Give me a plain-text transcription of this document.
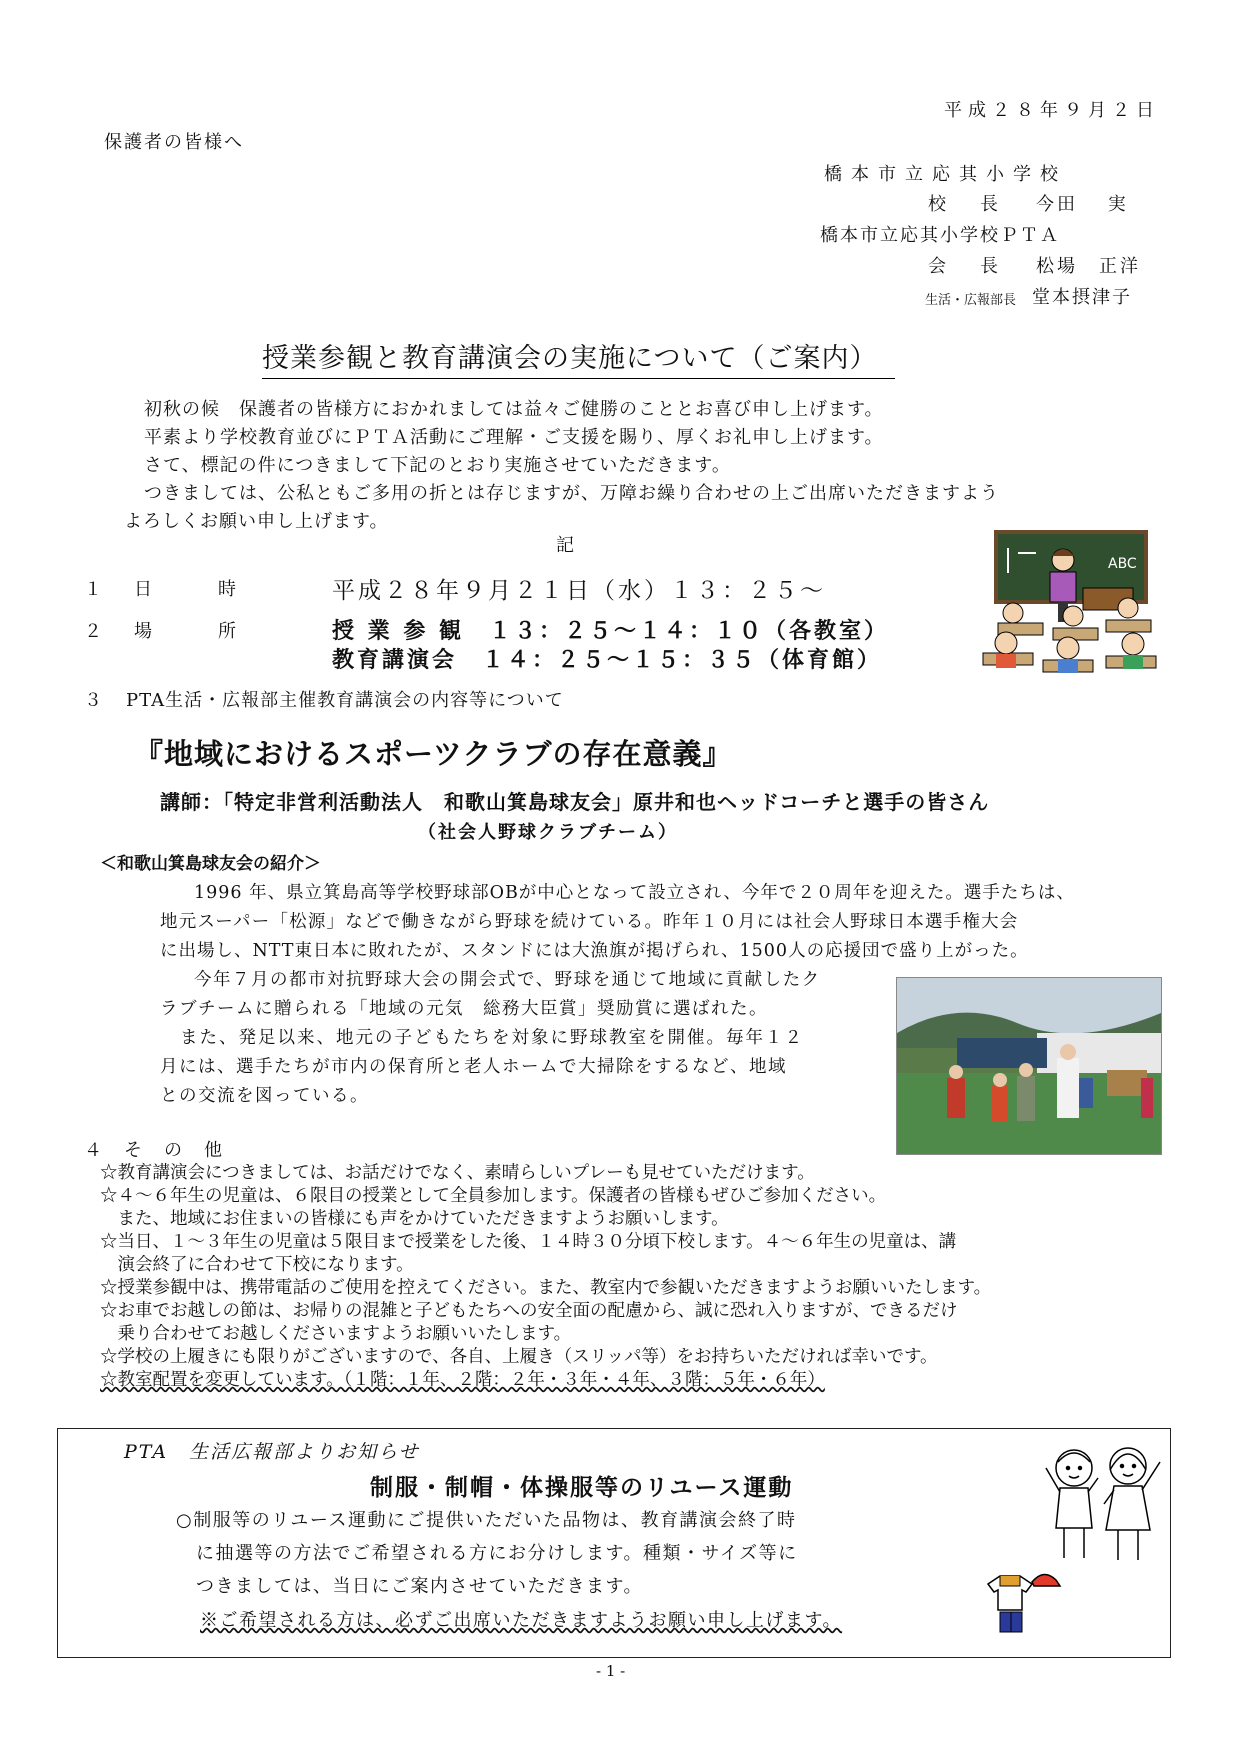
平成２８年９月２日
保護者の皆様へ
橋本市立応其小学校
校　長 今田　 実
橋本市立応其小学校ＰＴＡ
会　長 松場　正洋
生活・広報部長 堂本摂津子
授業参観と教育講演会の実施について（ご案内）
初秋の候　保護者の皆様方におかれましては益々ご健勝のこととお喜び申し上げます。
平素より学校教育並びにＰＴＡ活動にご理解・ご支援を賜り、厚くお礼申し上げます。
さて、標記の件につきまして下記のとおり実施させていただきます。
つきましては、公私ともご多用の折とは存じますが、万障お繰り合わせの上ご出席いただきますよう
よろしくお願い申し上げます。
記
１ 日　　時	平成２８年９月２１日（水）１３：２５～
２ 場　　所	授 業 参 観　１３：２５～１４：１０（各教室）
教育講演会　１４：２５～１５：３５（体育館）
ABC
３ PTA生活・広報部主催教育講演会の内容等について
『地域におけるスポーツクラブの存在意義』
講師：「特定非営利活動法人　和歌山箕島球友会」原井和也ヘッドコーチと選手の皆さん
（社会人野球クラブチーム）
＜和歌山箕島球友会の紹介＞
1996 年、県立箕島高等学校野球部OBが中心となって設立され、今年で２０周年を迎えた。選手たちは、
地元スーパー「松源」などで働きながら野球を続けている。昨年１０月には社会人野球日本選手権大会
に出場し、NTT東日本に敗れたが、スタンドには大漁旗が掲げられ、1500人の応援団で盛り上がった。
今年７月の都市対抗野球大会の開会式で、野球を通じて地域に貢献したク
ラブチームに贈られる「地域の元気　総務大臣賞」奨励賞に選ばれた。
また、発足以来、地元の子どもたちを対象に野球教室を開催。毎年１２
月には、選手たちが市内の保育所と老人ホームで大掃除をするなど、地域
との交流を図っている。
４　そ　の　他
☆教育講演会につきましては、お話だけでなく、素晴らしいプレーも見せていただけます。
☆４～６年生の児童は、６限目の授業として全員参加します。保護者の皆様もぜひご参加ください。
　また、地域にお住まいの皆様にも声をかけていただきますようお願いします。
☆当日、１～３年生の児童は５限目まで授業をした後、１４時３０分頃下校します。４～６年生の児童は、講
　演会終了に合わせて下校になります。
☆授業参観中は、携帯電話のご使用を控えてください。また、教室内で参観いただきますようお願いいたします。
☆お車でお越しの節は、お帰りの混雑と子どもたちへの安全面の配慮から、誠に恐れ入りますが、できるだけ
　乗り合わせてお越しくださいますようお願いいたします。
☆学校の上履きにも限りがございますので、各自、上履き（スリッパ等）をお持ちいただければ幸いです。
☆教室配置を変更しています。（１階：１年、２階：２年・３年・４年、３階：５年・６年）
PTA　生活広報部よりお知らせ
制服・制帽・体操服等のリユース運動
○制服等のリユース運動にご提供いただいた品物は、教育講演会終了時
に抽選等の方法でご希望される方にお分けします。種類・サイズ等に
つきましては、当日にご案内させていただきます。
※ご希望される方は、必ずご出席いただきますようお願い申し上げます。
- 1 -
